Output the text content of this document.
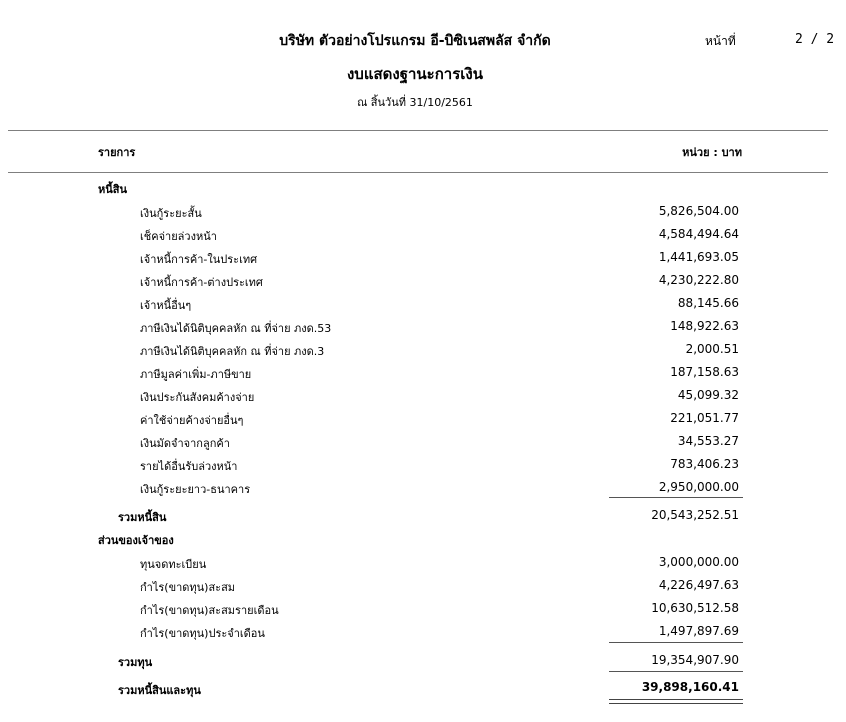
บริษัท ตัวอย่างโปรแกรม อี-บิซิเนสพลัส จำกัด	หน้าที่	2 / 2
งบแสดงฐานะการเงิน
ณ สิ้นวันที่ 31/10/2561
รายการ	หน่วย : บาท
หนี้สิน
เงินกู้ระยะสั้น	5,826,504.00
เช็คจ่ายล่วงหน้า	4,584,494.64
เจ้าหนี้การค้า-ในประเทศ	1,441,693.05
เจ้าหนี้การค้า-ต่างประเทศ	4,230,222.80
เจ้าหนี้อื่นๆ	88,145.66
ภาษีเงินได้นิติบุคคลหัก ณ ที่จ่าย ภงด.53	148,922.63
ภาษีเงินได้นิติบุคคลหัก ณ ที่จ่าย ภงด.3	2,000.51
ภาษีมูลค่าเพิ่ม-ภาษีขาย	187,158.63
เงินประกันสังคมค้างจ่าย	45,099.32
ค่าใช้จ่ายค้างจ่ายอื่นๆ	221,051.77
เงินมัดจำจากลูกค้า	34,553.27
รายได้อื่นรับล่วงหน้า	783,406.23
เงินกู้ระยะยาว-ธนาคาร	2,950,000.00
รวมหนี้สิน	20,543,252.51
ส่วนของเจ้าของ
ทุนจดทะเบียน	3,000,000.00
กำไร(ขาดทุน)สะสม	4,226,497.63
กำไร(ขาดทุน)สะสมรายเดือน	10,630,512.58
กำไร(ขาดทุน)ประจำเดือน	1,497,897.69
รวมทุน	19,354,907.90
รวมหนี้สินและทุน	39,898,160.41
